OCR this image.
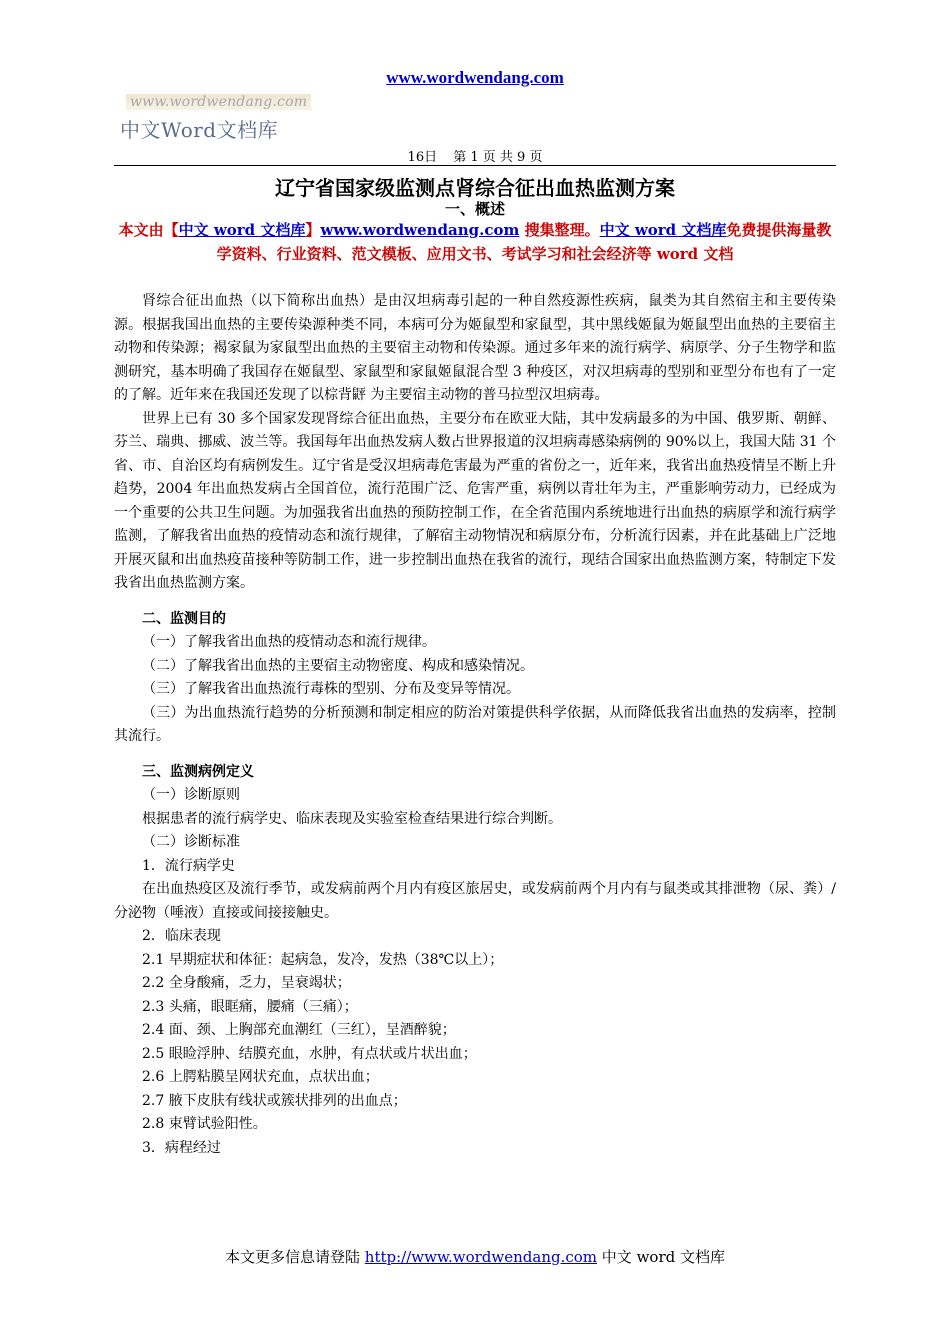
www.wordwendang.com
www.wordwendang.com
中文Word文档库
16日 第 1 页 共 9 页
辽宁省国家级监测点肾综合征出血热监测方案
一、概述
本文由【中文 word 文档库】www.wordwendang.com 搜集整理。中文 word 文档库免费提供海量教学资料、行业资料、范文模板、应用文书、考试学习和社会经济等 word 文档

肾综合征出血热（以下简称出血热）是由汉坦病毒引起的一种自然疫源性疾病，鼠类为其自然宿主和主要传染源。根据我国出血热的主要传染源种类不同，本病可分为姬鼠型和家鼠型，其中黑线姬鼠为姬鼠型出血热的主要宿主动物和传染源；褐家鼠为家鼠型出血热的主要宿主动物和传染源。通过多年来的流行病学、病原学、分子生物学和监测研究，基本明确了我国存在姬鼠型、家鼠型和家鼠姬鼠混合型 3 种疫区，对汉坦病毒的型别和亚型分布也有了一定的了解。近年来在我国还发现了以棕背䶄 为主要宿主动物的普马拉型汉坦病毒。

世界上已有 30 多个国家发现肾综合征出血热，主要分布在欧亚大陆，其中发病最多的为中国、俄罗斯、朝鲜、芬兰、瑞典、挪威、波兰等。我国每年出血热发病人数占世界报道的汉坦病毒感染病例的 90%以上，我国大陆 31 个省、市、自治区均有病例发生。辽宁省是受汉坦病毒危害最为严重的省份之一，近年来，我省出血热疫情呈不断上升趋势，2004 年出血热发病占全国首位，流行范围广泛、危害严重，病例以青壮年为主，严重影响劳动力，已经成为一个重要的公共卫生问题。为加强我省出血热的预防控制工作，在全省范围内系统地进行出血热的病原学和流行病学监测，了解我省出血热的疫情动态和流行规律，了解宿主动物情况和病原分布，分析流行因素，并在此基础上广泛地开展灭鼠和出血热疫苗接种等防制工作，进一步控制出血热在我省的流行，现结合国家出血热监测方案，特制定下发我省出血热监测方案。

二、监测目的
（一）了解我省出血热的疫情动态和流行规律。
（二）了解我省出血热的主要宿主动物密度、构成和感染情况。
（三）了解我省出血热流行毒株的型别、分布及变异等情况。

（三）为出血热流行趋势的分析预测和制定相应的防治对策提供科学依据，从而降低我省出血热的发病率，控制其流行。

三、监测病例定义
（一）诊断原则
根据患者的流行病学史、临床表现及实验室检查结果进行综合判断。
（二）诊断标准
1．流行病学史

在出血热疫区及流行季节，或发病前两个月内有疫区旅居史，或发病前两个月内有与鼠类或其排泄物（尿、粪）/分泌物（唾液）直接或间接接触史。

2．临床表现
2.1 早期症状和体征：起病急，发冷，发热（38℃以上）；
2.2 全身酸痛，乏力，呈衰竭状；
2.3 头痛，眼眶痛，腰痛（三痛）；
2.4 面、颈、上胸部充血潮红（三红），呈酒醉貌；
2.5 眼睑浮肿、结膜充血，水肿，有点状或片状出血；
2.6 上腭粘膜呈网状充血，点状出血；
2.7 腋下皮肤有线状或簇状排列的出血点；
2.8 束臂试验阳性。
3．病程经过
本文更多信息请登陆 http://www.wordwendang.com 中文 word 文档库
